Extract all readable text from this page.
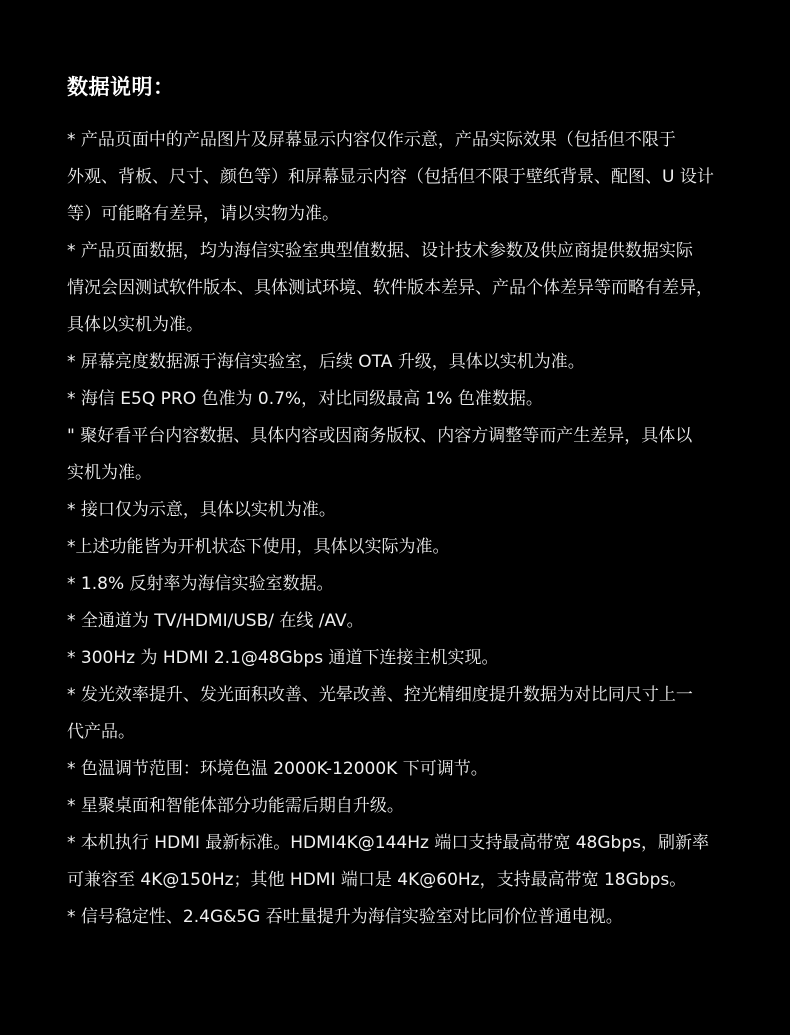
数据说明：
* 产品页面中的产品图片及屏幕显示内容仅作示意，产品实际效果（包括但不限于
外观、背板、尺寸、颜色等）和屏幕显示内容（包括但不限于壁纸背景、配图、U 设计
等）可能略有差异，请以实物为准。
* 产品页面数据，均为海信实验室典型值数据、设计技术参数及供应商提供数据实际
情况会因测试软件版本、具体测试环境、软件版本差异、产品个体差异等而略有差异，
具体以实机为准。
* 屏幕亮度数据源于海信实验室，后续 OTA 升级，具体以实机为准。
* 海信 E5Q PRO 色准为 0.7%，对比同级最高 1% 色准数据。
" 聚好看平台内容数据、具体内容或因商务版权、内容方调整等而产生差异，具体以
实机为准。
* 接口仅为示意，具体以实机为准。
*上述功能皆为开机状态下使用，具体以实际为准。
* 1.8% 反射率为海信实验室数据。
* 全通道为 TV/HDMI/USB/ 在线 /AV。
* 300Hz 为 HDMI 2.1@48Gbps 通道下连接主机实现。
* 发光效率提升、发光面积改善、光晕改善、控光精细度提升数据为对比同尺寸上一
代产品。
* 色温调节范围：环境色温 2000K-12000K 下可调节。
* 星聚桌面和智能体部分功能需后期自升级。
* 本机执行 HDMI 最新标准。HDMI4K@144Hz 端口支持最高带宽 48Gbps，刷新率
可兼容至 4K@150Hz；其他 HDMI 端口是 4K@60Hz，支持最高带宽 18Gbps。
* 信号稳定性、2.4G&5G 吞吐量提升为海信实验室对比同价位普通电视。
